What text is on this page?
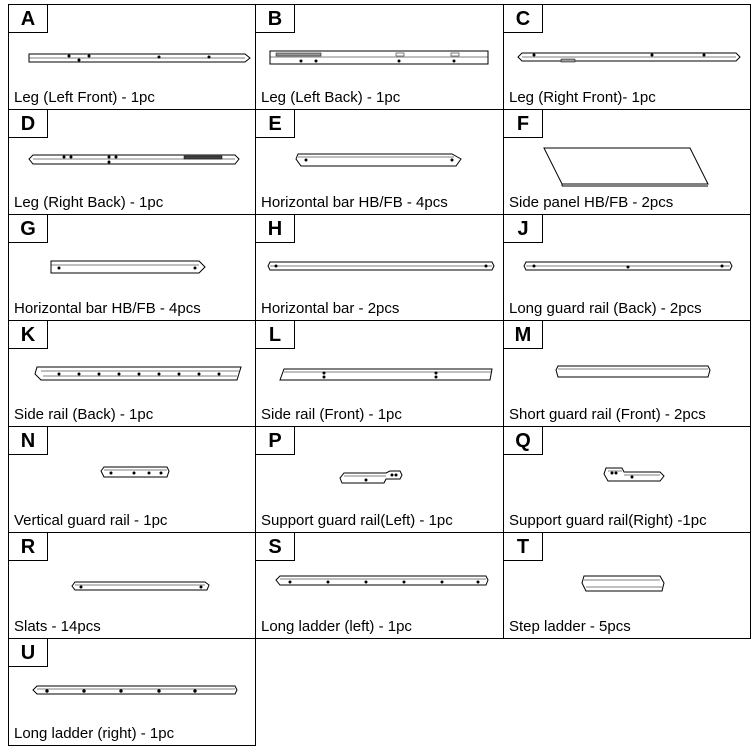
A
Leg (Left Front) - 1pc
B
Leg (Left Back) - 1pc
C
Leg (Right Front)- 1pc
D
Leg (Right Back) - 1pc
E
Horizontal bar HB/FB - 4pcs
F
Side panel HB/FB - 2pcs
G
Horizontal bar HB/FB - 4pcs
H
Horizontal bar - 2pcs
J
Long guard rail (Back) - 2pcs
K
Side rail (Back) - 1pc
L
Side rail (Front) - 1pc
M
Short guard rail (Front) - 2pcs
N
Vertical guard rail - 1pc
P
Support guard rail(Left) - 1pc
Q
Support guard rail(Right) -1pc
R
Slats - 14pcs
S
Long ladder (left) - 1pc
T
Step ladder - 5pcs
U
Long ladder (right) - 1pc
